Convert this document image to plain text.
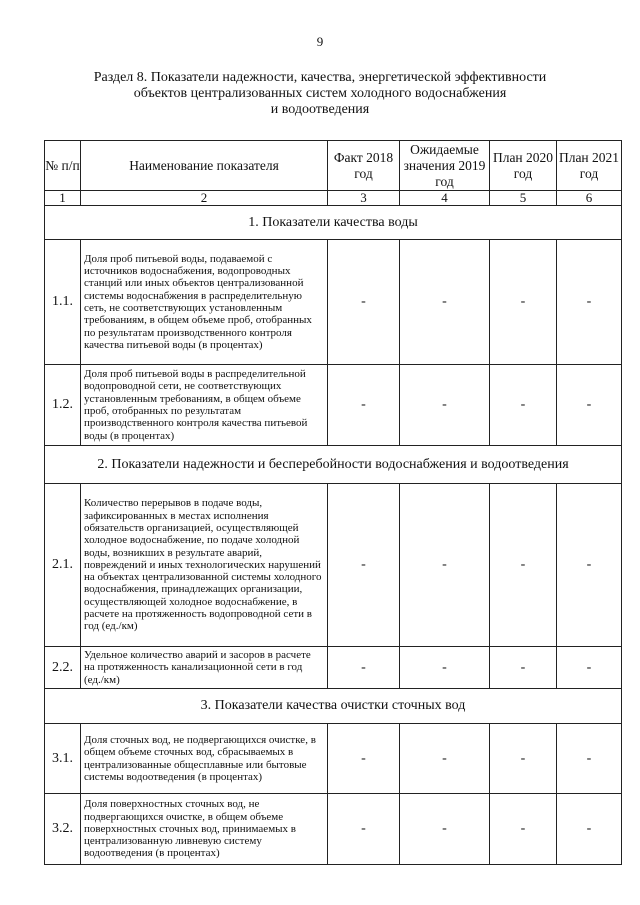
9
Раздел 8. Показатели надежности, качества, энергетической эффективности
объектов централизованных систем холодного водоснабжения
и водоотведения
№ п/п	Наименование показателя	Факт 2018 год	Ожидаемые значения 2019 год	План 2020 год	План 2021 год
1	2	3	4	5	6
1. Показатели качества воды					
1.1.	Доля проб питьевой воды, подаваемой с источников водоснабжения, водопроводных станций или иных объектов централизованной системы водоснабжения в распределительную сеть, не соответствующих установленным требованиям, в общем объеме проб, отобранных по результатам производственного контроля качества питьевой воды (в процентах)	-	-	-	-
1.2.	Доля проб питьевой воды в распределительной водопроводной сети, не соответствующих установленным требованиям, в общем объеме проб, отобранных по результатам производственного контроля качества питьевой воды (в процентах)	-	-	-	-
2. Показатели надежности и бесперебойности водоснабжения и водоотведения					
2.1.	Количество перерывов в подаче воды, зафиксированных в местах исполнения обязательств организацией, осуществляющей холодное водоснабжение, по подаче холодной воды, возникших в результате аварий, повреждений и иных технологических нарушений на объектах централизованной системы холодного водоснабжения, принадлежащих организации, осуществляющей холодное водоснабжение, в расчете на протяженность водопроводной сети в год (ед./км)	-	-	-	-
2.2.	Удельное количество аварий и засоров в расчете на протяженность канализационной сети в год (ед./км)	-	-	-	-
3. Показатели качества очистки сточных вод					
3.1.	Доля сточных вод, не подвергающихся очистке, в общем объеме сточных вод, сбрасываемых в централизованные общесплавные или бытовые системы водоотведения (в процентах)	-	-	-	-
3.2.	Доля поверхностных сточных вод, не подвергающихся очистке, в общем объеме поверхностных сточных вод, принимаемых в централизованную ливневую систему водоотведения (в процентах)	-	-	-	-
